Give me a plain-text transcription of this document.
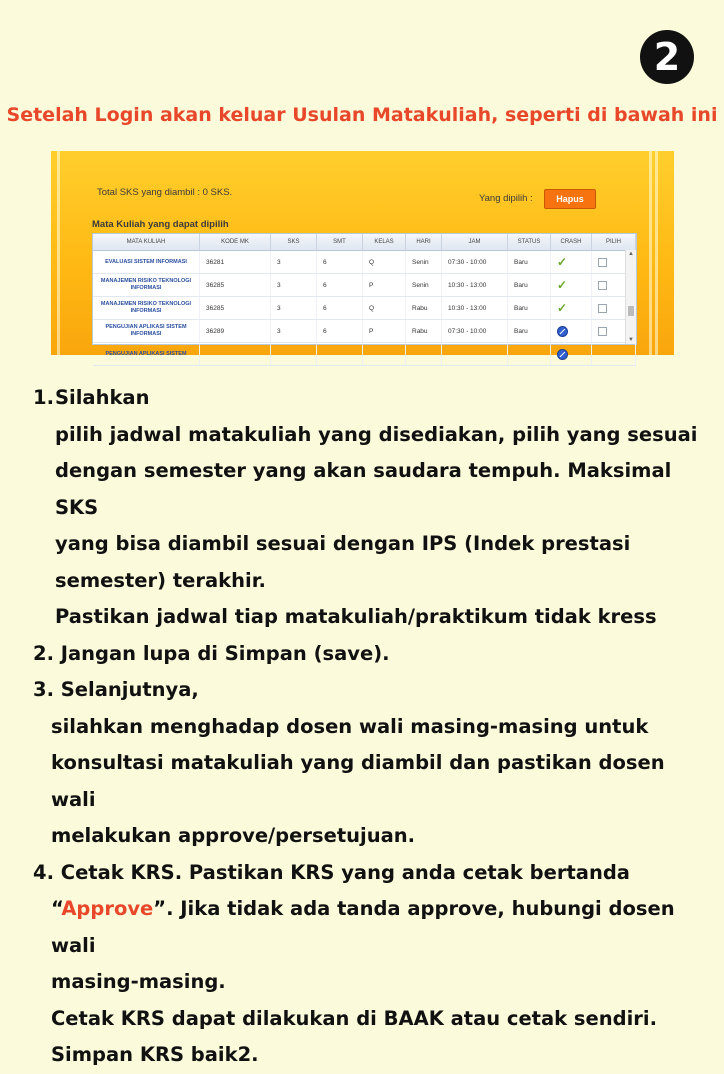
2
Setelah Login akan keluar Usulan Matakuliah, seperti di bawah ini
Total SKS yang diambil : 0 SKS.
Yang dipilih :	Hapus
Mata Kuliah yang dapat dipilih
MATA KULIAH	KODE MK	SKS	SMT	KELAS	HARI	JAM	STATUS	CRASH	PILIH
EVALUASI SISTEM INFORMASI	36281	3	6	Q	Senin	07:30 - 10:00	Baru	✓
MANAJEMEN RISIKO TEKNOLOGI INFORMASI	36285	3	6	P	Senin	10:30 - 13:00	Baru	✓
MANAJEMEN RISIKO TEKNOLOGI INFORMASI	36285	3	6	Q	Rabu	10:30 - 13:00	Baru	✓
PENGUJIAN APLIKASI SISTEM INFORMASI	36289	3	6	P	Rabu	07:30 - 10:00	Baru
PENGUJIAN APLIKASI SISTEM
▲
▼
1. Silahkan
pilih jadwal matakuliah yang disediakan, pilih yang sesuai
dengan semester yang akan saudara tempuh. Maksimal SKS
yang bisa diambil sesuai dengan IPS (Indek prestasi
semester) terakhir.
Pastikan jadwal tiap matakuliah/praktikum tidak kress
2. Jangan lupa di Simpan (save).
3. Selanjutnya,
silahkan menghadap dosen wali masing-masing untuk
konsultasi matakuliah yang diambil dan pastikan dosen wali
melakukan approve/persetujuan.
4. Cetak KRS. Pastikan KRS yang anda cetak bertanda
“Approve”. Jika tidak ada tanda approve, hubungi dosen wali
masing-masing.
Cetak KRS dapat dilakukan di BAAK atau cetak sendiri.
Simpan KRS baik2.
